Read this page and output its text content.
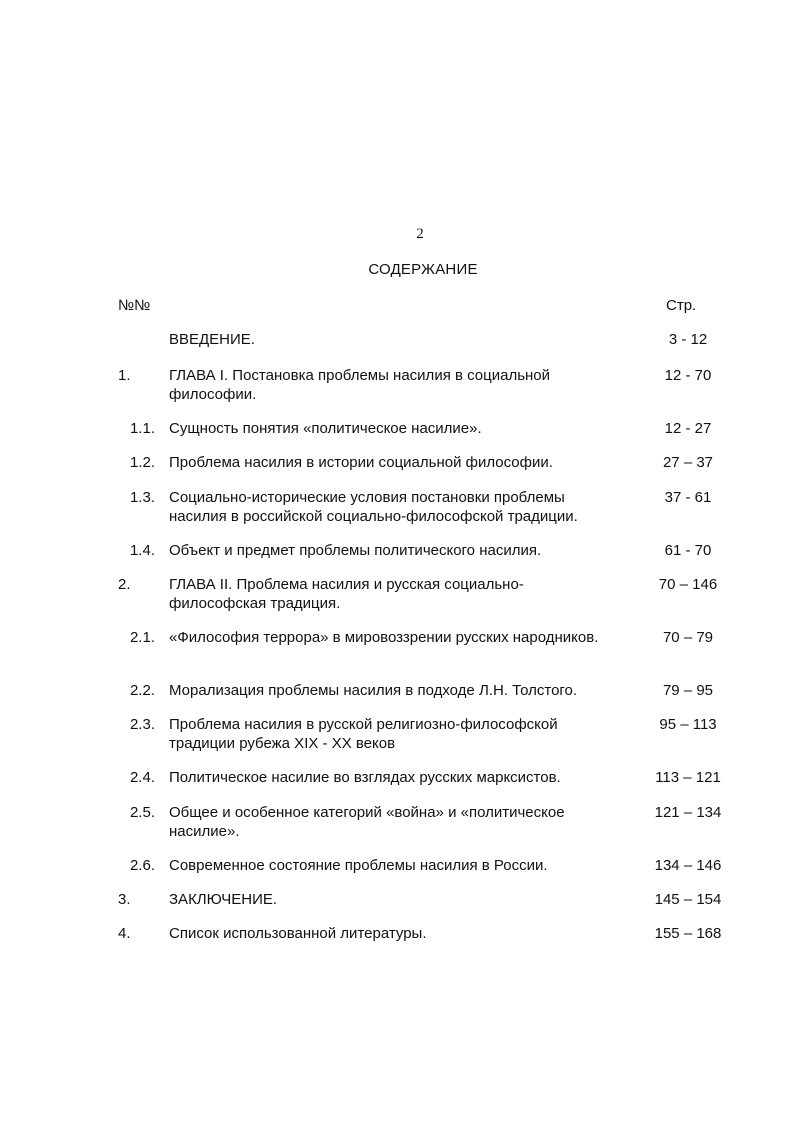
2
СОДЕРЖАНИЕ
№№	Стр.
ВВЕДЕНИЕ.	3 - 12
1.	ГЛАВА I. Постановка проблемы насилия в социальной философии.
12 - 70
1.1. Сущность понятия «политическое насилие».	12 - 27
1.2. Проблема насилия в истории социальной философии.	27 – 37
1.3. Социально-исторические условия постановки проблемы насилия в российской социально-философской традиции.
37 - 61
1.4. Объект и предмет проблемы политического насилия.	61 - 70
2.	ГЛАВА II. Проблема насилия и русская социально-философская традиция.
70 – 146
2.1. «Философия террора» в мировоззрении русских народников.	70 – 79
2.2. Морализация проблемы насилия в подходе Л.Н. Толстого.	79 – 95
2.3. Проблема насилия в русской религиозно-философской традиции рубежа XIX - XX веков
95 – 113
2.4. Политическое насилие во взглядах русских марксистов.	113 – 121
2.5. Общее и особенное категорий «война» и «политическое насилие».
121 – 134
2.6. Современное состояние проблемы насилия в России.	134 – 146
3.	ЗАКЛЮЧЕНИЕ.	145 – 154
4.	Список использованной литературы.	155 – 168
